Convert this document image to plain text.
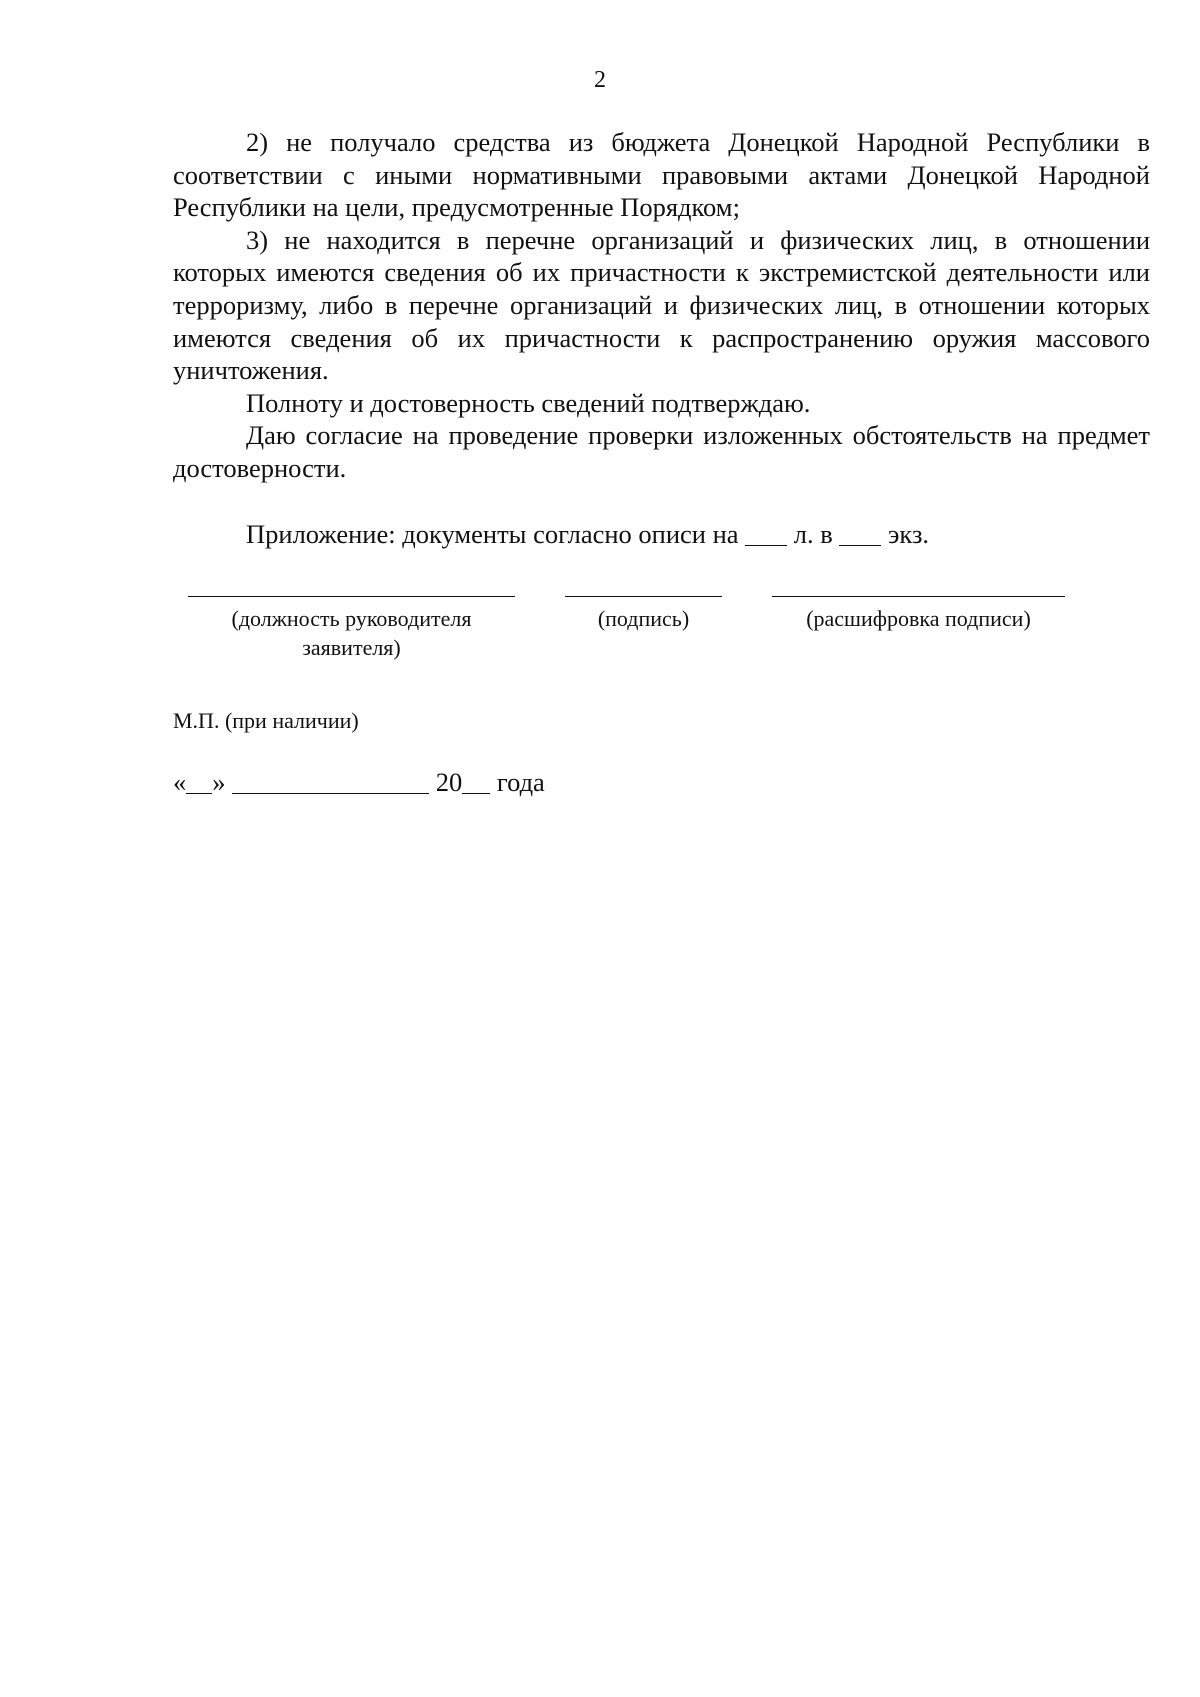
2

2) не получало средства из бюджета Донецкой Народной Республики в соответствии с иными нормативными правовыми актами Донецкой Народной Республики на цели, предусмотренные Порядком;

3) не находится в перечне организаций и физических лиц, в отношении которых имеются сведения об их причастности к экстремистской деятельности или терроризму, либо в перечне организаций и физических лиц, в отношении которых имеются сведения об их причастности к распространению оружия массового уничтожения.

Полноту и достоверность сведений подтверждаю.

Даю согласие на проведение проверки изложенных обстоятельств на предмет достоверности.

Приложение: документы согласно описи на л. в экз.
(должность руководителя заявителя)
(подпись)	(расшифровка подписи)
М.П. (при наличии)
« »	20 года
